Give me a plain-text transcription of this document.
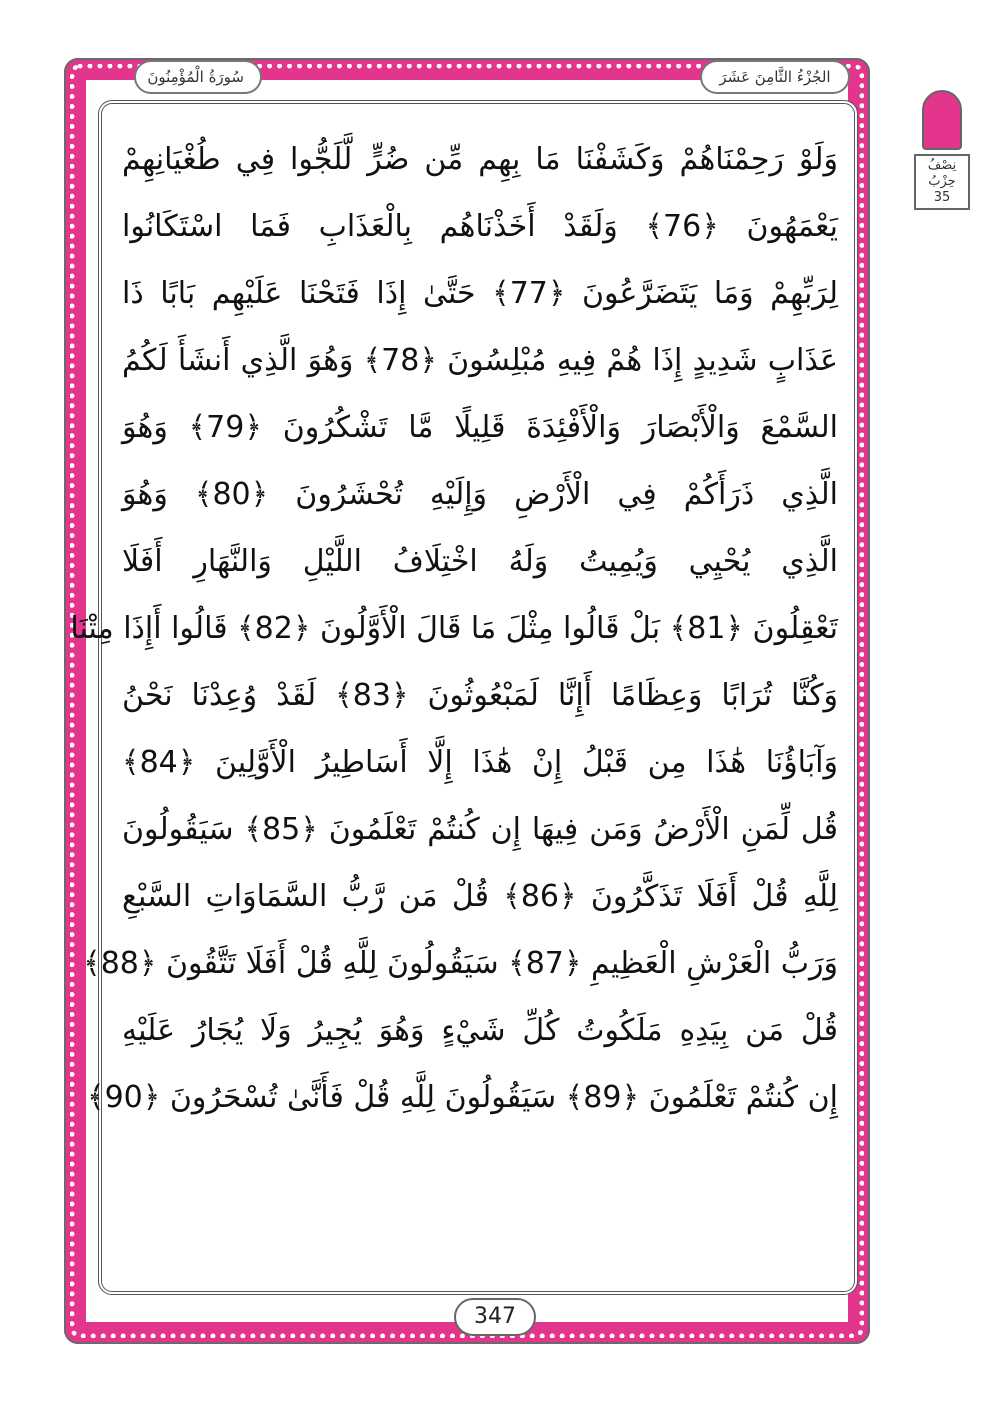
الجُزْءُ الثَّامِنَ عَشَرَ
سُورَةُ الْمُؤْمِنُونَ
نِصْفُ
حِزْبُ
35
وَلَوْ رَحِمْنَاهُمْ وَكَشَفْنَا مَا بِهِم مِّن ضُرٍّ لَّلَجُّوا فِي طُغْيَانِهِمْ
يَعْمَهُونَ ﴿76﴾ وَلَقَدْ أَخَذْنَاهُم بِالْعَذَابِ فَمَا اسْتَكَانُوا
لِرَبِّهِمْ وَمَا يَتَضَرَّعُونَ ﴿77﴾ حَتَّىٰ إِذَا فَتَحْنَا عَلَيْهِم بَابًا ذَا
عَذَابٍ شَدِيدٍ إِذَا هُمْ فِيهِ مُبْلِسُونَ ﴿78﴾ وَهُوَ الَّذِي أَنشَأَ لَكُمُ
السَّمْعَ وَالْأَبْصَارَ وَالْأَفْئِدَةَ قَلِيلًا مَّا تَشْكُرُونَ ﴿79﴾ وَهُوَ
الَّذِي ذَرَأَكُمْ فِي الْأَرْضِ وَإِلَيْهِ تُحْشَرُونَ ﴿80﴾ وَهُوَ
الَّذِي يُحْيِي وَيُمِيتُ وَلَهُ اخْتِلَافُ اللَّيْلِ وَالنَّهَارِ أَفَلَا
تَعْقِلُونَ ﴿81﴾ بَلْ قَالُوا مِثْلَ مَا قَالَ الْأَوَّلُونَ ﴿82﴾ قَالُوا أَإِذَا مِتْنَا
وَكُنَّا تُرَابًا وَعِظَامًا أَإِنَّا لَمَبْعُوثُونَ ﴿83﴾ لَقَدْ وُعِدْنَا نَحْنُ
وَآبَاؤُنَا هَٰذَا مِن قَبْلُ إِنْ هَٰذَا إِلَّا أَسَاطِيرُ الْأَوَّلِينَ ﴿84﴾
قُل لِّمَنِ الْأَرْضُ وَمَن فِيهَا إِن كُنتُمْ تَعْلَمُونَ ﴿85﴾ سَيَقُولُونَ
لِلَّهِ قُلْ أَفَلَا تَذَكَّرُونَ ﴿86﴾ قُلْ مَن رَّبُّ السَّمَاوَاتِ السَّبْعِ
وَرَبُّ الْعَرْشِ الْعَظِيمِ ﴿87﴾ سَيَقُولُونَ لِلَّهِ قُلْ أَفَلَا تَتَّقُونَ ﴿88﴾
قُلْ مَن بِيَدِهِ مَلَكُوتُ كُلِّ شَيْءٍ وَهُوَ يُجِيرُ وَلَا يُجَارُ عَلَيْهِ
إِن كُنتُمْ تَعْلَمُونَ ﴿89﴾ سَيَقُولُونَ لِلَّهِ قُلْ فَأَنَّىٰ تُسْحَرُونَ ﴿90﴾
347
